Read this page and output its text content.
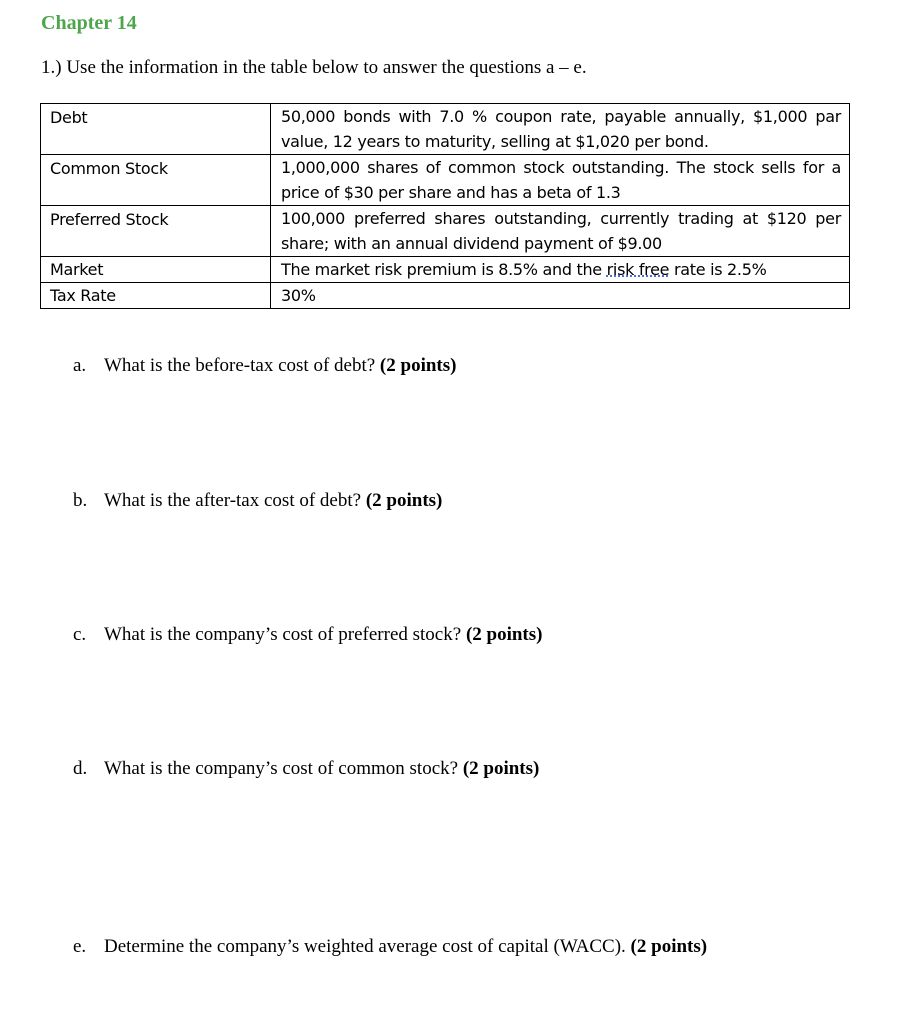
Chapter 14

1.) Use the information in the table below to answer the questions a – e.

Debt	50,000 bonds with 7.0 % coupon rate, payable annually, $1,000 par value, 12 years to maturity, selling at $1,020 per bond.
Common Stock	1,000,000 shares of common stock outstanding. The stock sells for a price of $30 per share and has a beta of 1.3
Preferred Stock	100,000 preferred shares outstanding, currently trading at $120 per share; with an annual dividend payment of $9.00
Market	The market risk premium is 8.5% and the risk free rate is 2.5%
Tax Rate	30%

a. What is the before-tax cost of debt? (2 points)

b. What is the after-tax cost of debt? (2 points)

c. What is the company’s cost of preferred stock? (2 points)

d. What is the company’s cost of common stock? (2 points)

e. Determine the company’s weighted average cost of capital (WACC). (2 points)
